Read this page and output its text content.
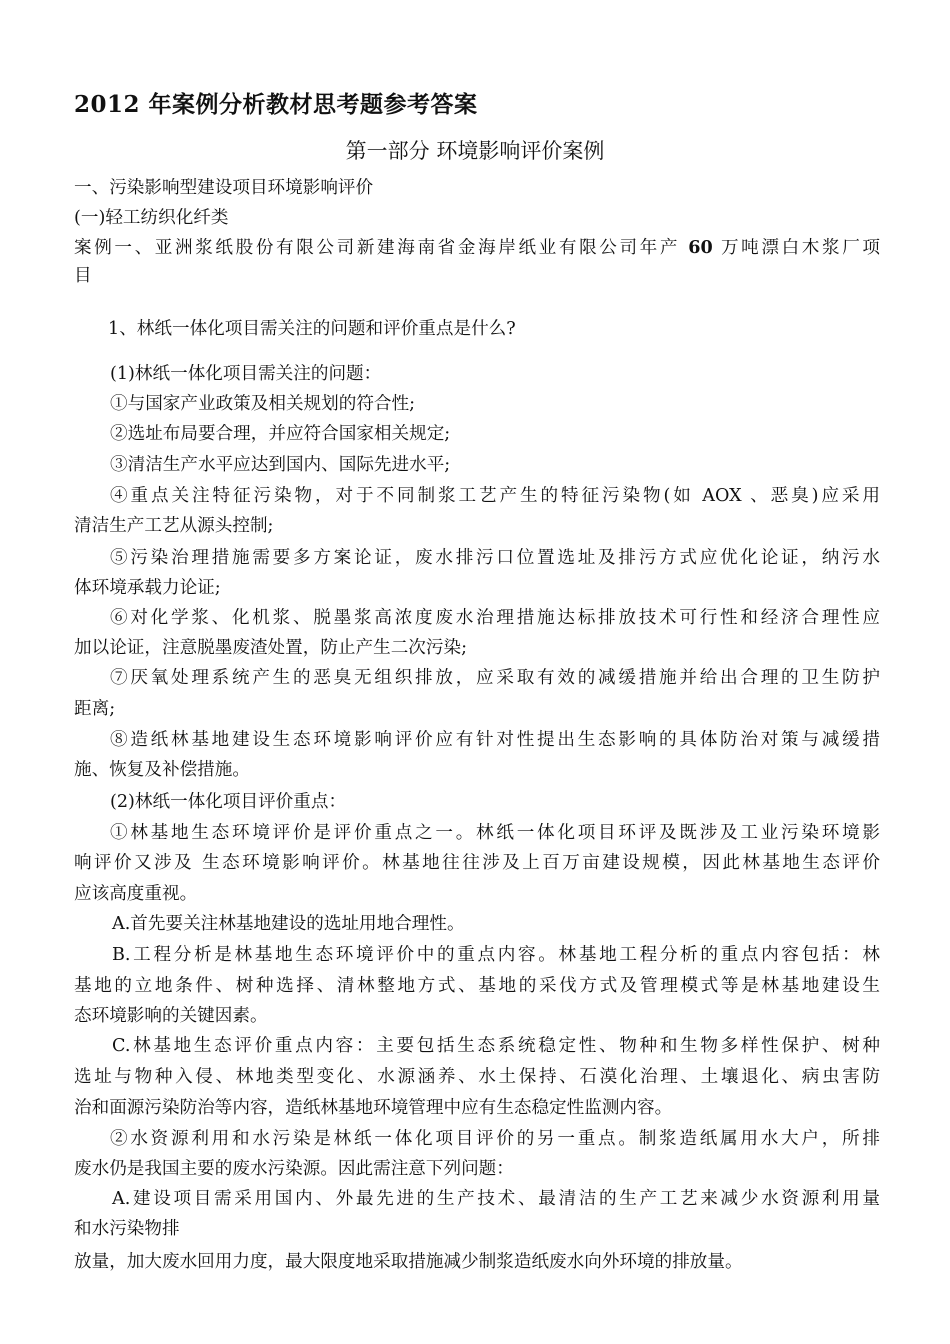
2012 年案例分析教材思考题参考答案
第一部分 环境影响评价案例
一、污染影响型建设项目环境影响评价
(一)轻工纺织化纤类
案例一、亚洲浆纸股份有限公司新建海南省金海岸纸业有限公司年产 60 万吨漂白木浆厂项
目
1、林纸一体化项目需关注的问题和评价重点是什么?
(1)林纸一体化项目需关注的问题：
①与国家产业政策及相关规划的符合性;
②选址布局要合理，并应符合国家相关规定;
③清洁生产水平应达到国内、国际先进水平;
④重点关注特征污染物，对于不同制浆工艺产生的特征污染物(如 AOX 、恶臭)应采用
清洁生产工艺从源头控制;
⑤污染治理措施需要多方案论证，废水排污口位置选址及排污方式应优化论证，纳污水
体环境承载力论证;
⑥对化学浆、化机浆、脱墨浆高浓度废水治理措施达标排放技术可行性和经济合理性应
加以论证，注意脱墨废渣处置，防止产生二次污染;
⑦厌氧处理系统产生的恶臭无组织排放，应采取有效的减缓措施并给出合理的卫生防护
距离;
⑧造纸林基地建设生态环境影响评价应有针对性提出生态影响的具体防治对策与减缓措
施、恢复及补偿措施。
(2)林纸一体化项目评价重点：
①林基地生态环境评价是评价重点之一。林纸一体化项目环评及既涉及工业污染环境影
响评价又涉及 生态环境影响评价。林基地往往涉及上百万亩建设规模，因此林基地生态评价
应该高度重视。
A.首先要关注林基地建设的选址用地合理性。
B.工程分析是林基地生态环境评价中的重点内容。林基地工程分析的重点内容包括：林
基地的立地条件、树种选择、清林整地方式、基地的采伐方式及管理模式等是林基地建设生
态环境影响的关键因素。
C.林基地生态评价重点内容：主要包括生态系统稳定性、物种和生物多样性保护、树种
选址与物种入侵、林地类型变化、水源涵养、水土保持、石漠化治理、土壤退化、病虫害防
治和面源污染防治等内容，造纸林基地环境管理中应有生态稳定性监测内容。
②水资源利用和水污染是林纸一体化项目评价的另一重点。制浆造纸属用水大户，所排
废水仍是我国主要的废水污染源。因此需注意下列问题：
A.建设项目需采用国内、外最先进的生产技术、最清洁的生产工艺来减少水资源利用量
和水污染物排
放量，加大废水回用力度，最大限度地采取措施减少制浆造纸废水向外环境的排放量。
